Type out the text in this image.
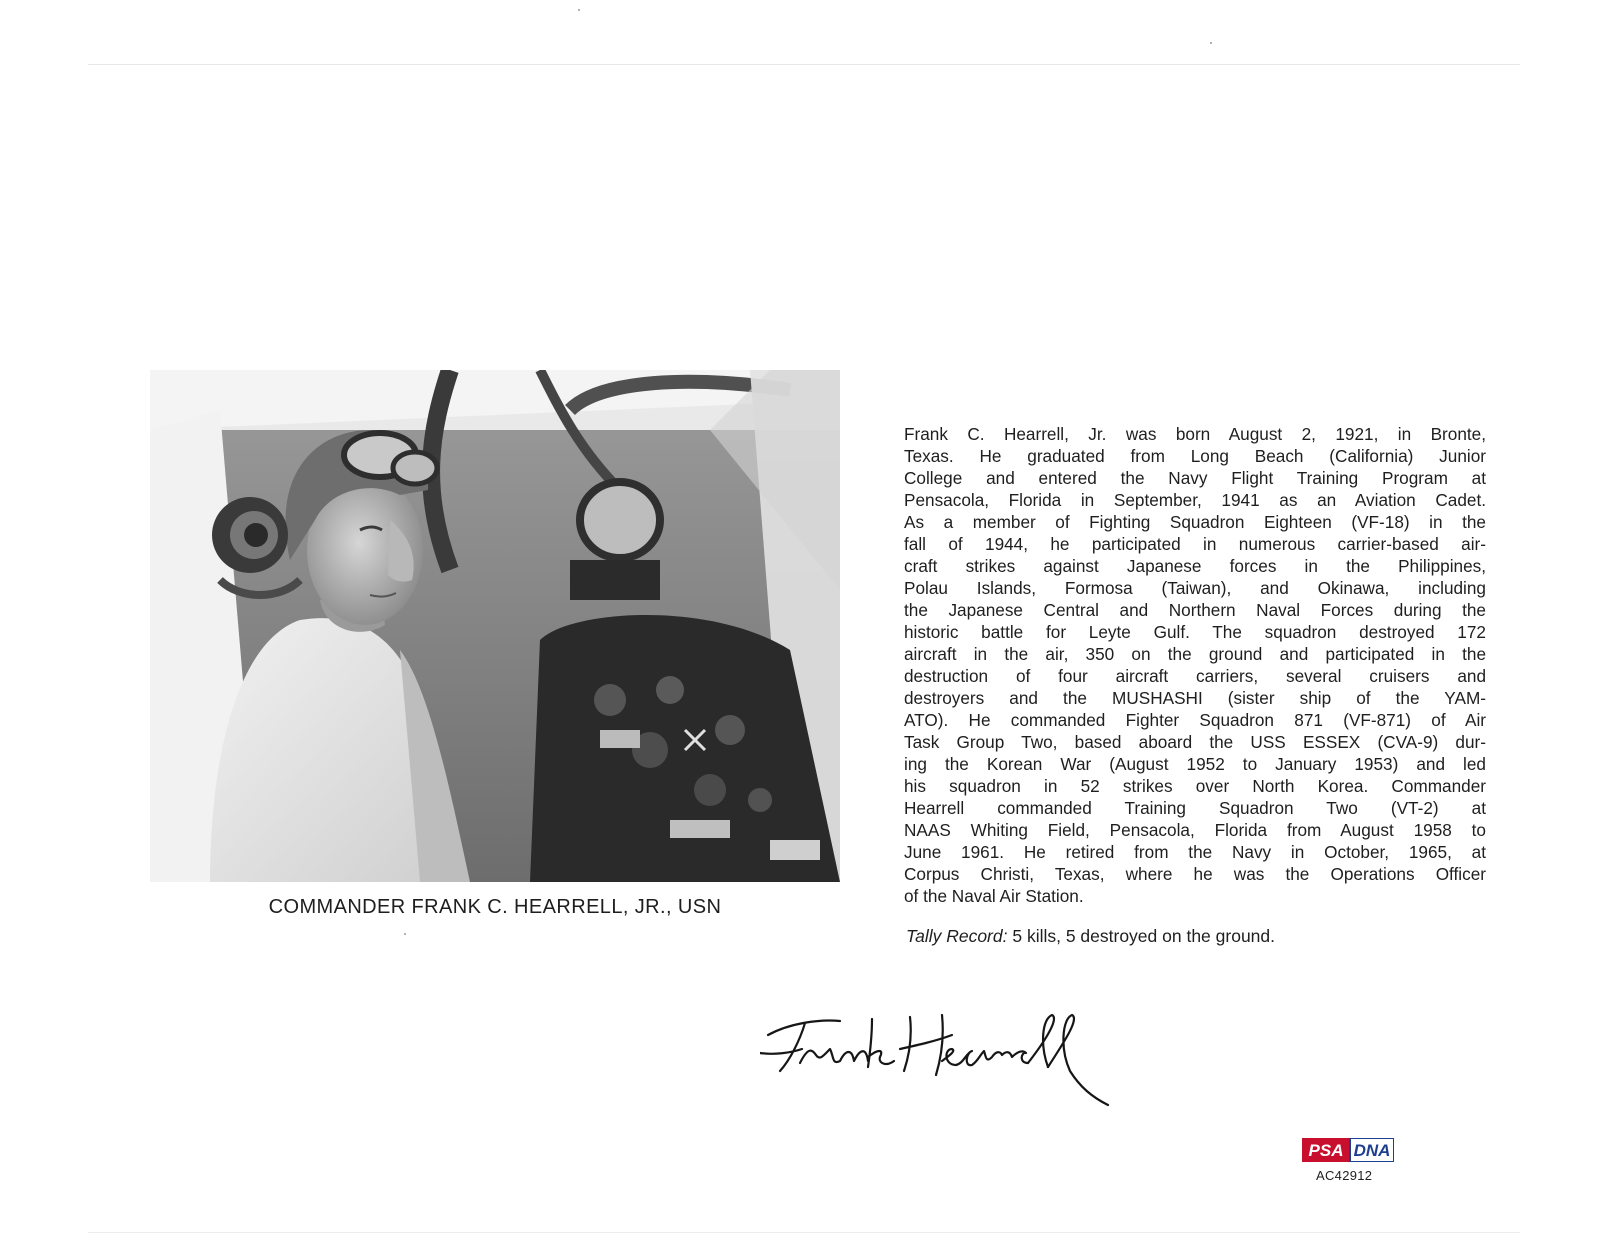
COMMANDER FRANK C. HEARRELL, JR., USN
Frank C. Hearrell, Jr. was born August 2, 1921, in Bronte,
Texas. He graduated from Long Beach (California) Junior
College and entered the Navy Flight Training Program at
Pensacola, Florida in September, 1941 as an Aviation Cadet.
As a member of Fighting Squadron Eighteen (VF-18) in the
fall of 1944, he participated in numerous carrier-based air-
craft strikes against Japanese forces in the Philippines,
Polau Islands, Formosa (Taiwan), and Okinawa, including
the Japanese Central and Northern Naval Forces during the
historic battle for Leyte Gulf. The squadron destroyed 172
aircraft in the air, 350 on the ground and participated in the
destruction of four aircraft carriers, several cruisers and
destroyers and the MUSHASHI (sister ship of the YAM-
ATO). He commanded Fighter Squadron 871 (VF-871) of Air
Task Group Two, based aboard the USS ESSEX (CVA-9) dur-
ing the Korean War (August 1952 to January 1953) and led
his squadron in 52 strikes over North Korea. Commander
Hearrell commanded Training Squadron Two (VT-2) at
NAAS Whiting Field, Pensacola, Florida from August 1958 to
June 1961. He retired from the Navy in October, 1965, at
Corpus Christi, Texas, where he was the Operations Officer
of the Naval Air Station.
Tally Record: 5 kills, 5 destroyed on the ground.
PSA DNA
AC42912
